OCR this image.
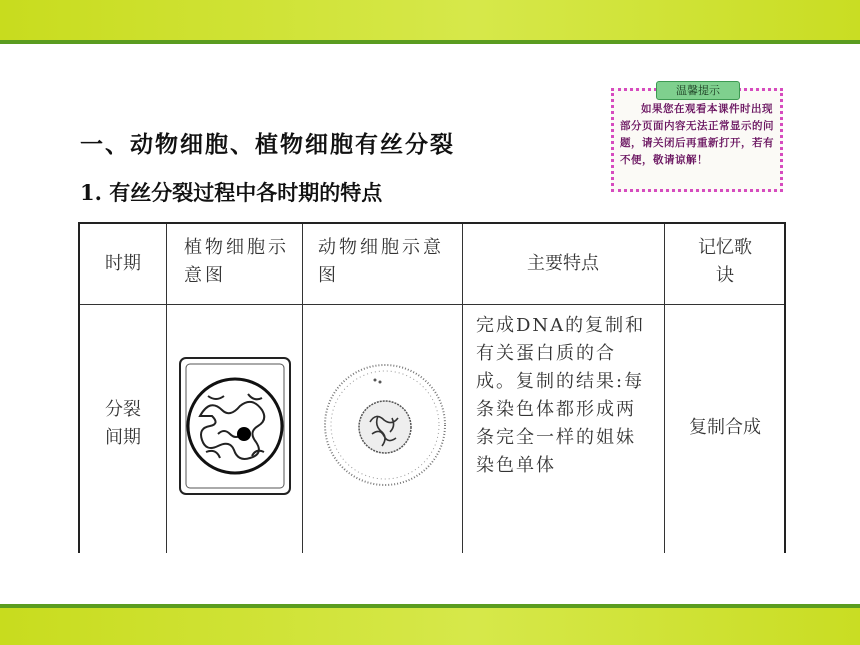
温馨提示
如果您在观看本课件时出现部分页面内容无法正常显示的问题，请关闭后再重新打开，若有不便，敬请谅解！
一、动物细胞、植物细胞有丝分裂
1. 有丝分裂过程中各时期的特点
时期
植物细胞示意图
动物细胞示意图
主要特点
记忆歌诀
分裂间期
完成DNA的复制和有关蛋白质的合成。复制的结果:每条染色体都形成两条完全一样的姐妹染色单体
复制合成
